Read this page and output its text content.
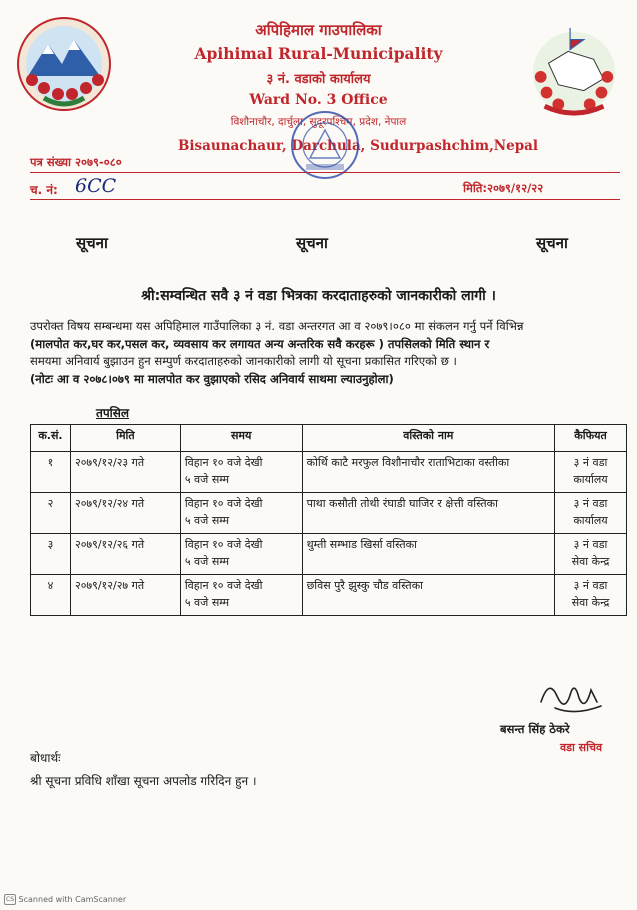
अपिहिमाल गाउपालिका
Apihimal Rural-Municipality
३ नं. वडाको कार्यालय
Ward No. 3 Office
विशौनाचौर, दार्चुला, सुदूरपश्चिम, प्रदेश, नेपाल
Bisaunachaur, Darchula, Sudurpashchim,Nepal
पत्र संख्या २०७९-०८०
च. नं: 6CC	मिति:२०७९/१२/२२
सूचना	सूचना	सूचना
श्री:सम्वन्धित सवै ३ नं वडा भित्रका करदाताहरुको जानकारीको लागी ।

उपरोक्त विषय सम्बन्धमा यस अपिहिमाल गाउँपालिका ३ नं. वडा अन्तरगत आ व २०७९।०८० मा संकलन गर्नु पर्ने विभिन्न

(मालपोत कर,घर कर,पसल कर, व्यवसाय कर लगायत अन्य अन्तरिक सवै करहरू ) तपसिलको मिति स्थान र

समयमा अनिवार्य बुझाउन हुन सम्पुर्ण करदाताहरुको जानकारीको लागी यो सूचना प्रकासित गरिएको छ ।

(नोटः आ व २०७८।०७९ मा मालपोत कर वुझाएको रसिद अनिवार्य साथमा ल्याउनुहोला)

तपसिल
क.सं.	मिति	समय	वस्तिको नाम	कैफियत
१	२०७९/१२/२३ गते	विहान १० वजे देखी
५ वजे सम्म	कोर्थि काटै मरफुल विशौनाचौर राताभिटाका वस्तीका	३ नं वडा
कार्यालय
२	२०७९/१२/२४ गते	विहान १० वजे देखी
५ वजे सम्म	पाथा कसौती तोथी रंघाडी घाजिर र क्षेत्ती वस्तिका	३ नं वडा
कार्यालय
३	२०७९/१२/२६ गते	विहान १० वजे देखी
५ वजे सम्म	थुम्ती सम्भाड खिर्सा वस्तिका	३ नं वडा
सेवा केन्द्र
४	२०७९/१२/२७ गते	विहान १० वजे देखी
५ वजे सम्म	छविस पुरै झुस्कु चौड वस्तिका	३ नं वडा
सेवा केन्द्र
बसन्त सिंह ठेकरे
वडा सचिव
बोधार्थः
श्री सूचना प्रविधि शाँखा सूचना अपलोड गरिदिन हुन ।
CS Scanned with CamScanner
